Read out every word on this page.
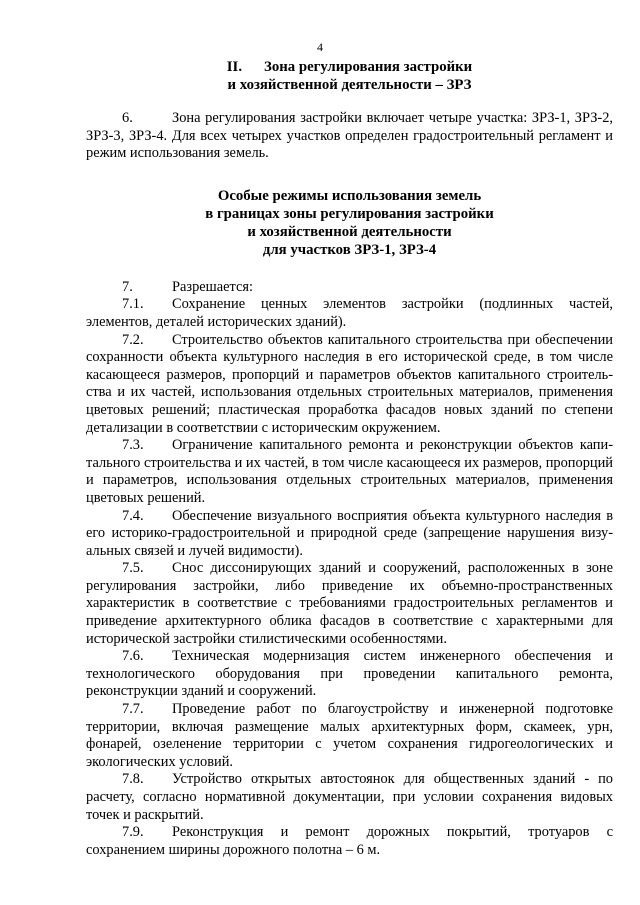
4
II. Зона регулирования застройки
и хозяйственной деятельности – ЗРЗ

6.	Зона регулирования застройки включает четыре участка: ЗРЗ-1, ЗРЗ-2, ЗРЗ-3, ЗРЗ-4. Для всех четырех участков определен градостроительный регламент и режим использования земель.

Особые режимы использования земель
в границах зоны регулирования застройки
и хозяйственной деятельности
для участков ЗРЗ-1, ЗРЗ-4

7.	Разрешается:

7.1. Сохранение ценных элементов застройки (подлинных частей, элементов, деталей исторических зданий).

7.2. Строительство объектов капитального строительства при обеспечении сохранности объекта культурного наследия в его исторической среде, в том числе касающееся размеров, пропорций и параметров объектов капитального строительства и их частей, использования отдельных строительных материалов, применения цветовых решений; пластическая проработка фасадов новых зданий по степени детализации в соответствии с историческим окружением.

7.3. Ограничение капитального ремонта и реконструкции объектов капитального строительства и их частей, в том числе касающееся их размеров, пропорций и параметров, использования отдельных строительных материалов, применения цветовых решений.

7.4. Обеспечение визуального восприятия объекта культурного наследия в его историко-градостроительной и природной среде (запрещение нарушения визуальных связей и лучей видимости).

7.5. Снос диссонирующих зданий и сооружений, расположенных в зоне регулирования застройки, либо приведение их объемно-пространственных характеристик в соответствие с требованиями градостроительных регламентов и приведение архитектурного облика фасадов в соответствие с характерными для исторической застройки стилистическими особенностями.

7.6. Техническая модернизация систем инженерного обеспечения и технологического оборудования при проведении капитального ремонта, реконструкции зданий и сооружений.

7.7. Проведение работ по благоустройству и инженерной подготовке территории, включая размещение малых архитектурных форм, скамеек, урн, фонарей, озеленение территории с учетом сохранения гидрогеологических и экологических условий.

7.8. Устройство открытых автостоянок для общественных зданий - по расчету, согласно нормативной документации, при условии сохранения видовых точек и раскрытий.

7.9. Реконструкция и ремонт дорожных покрытий, тротуаров с сохранением ширины дорожного полотна – 6 м.
